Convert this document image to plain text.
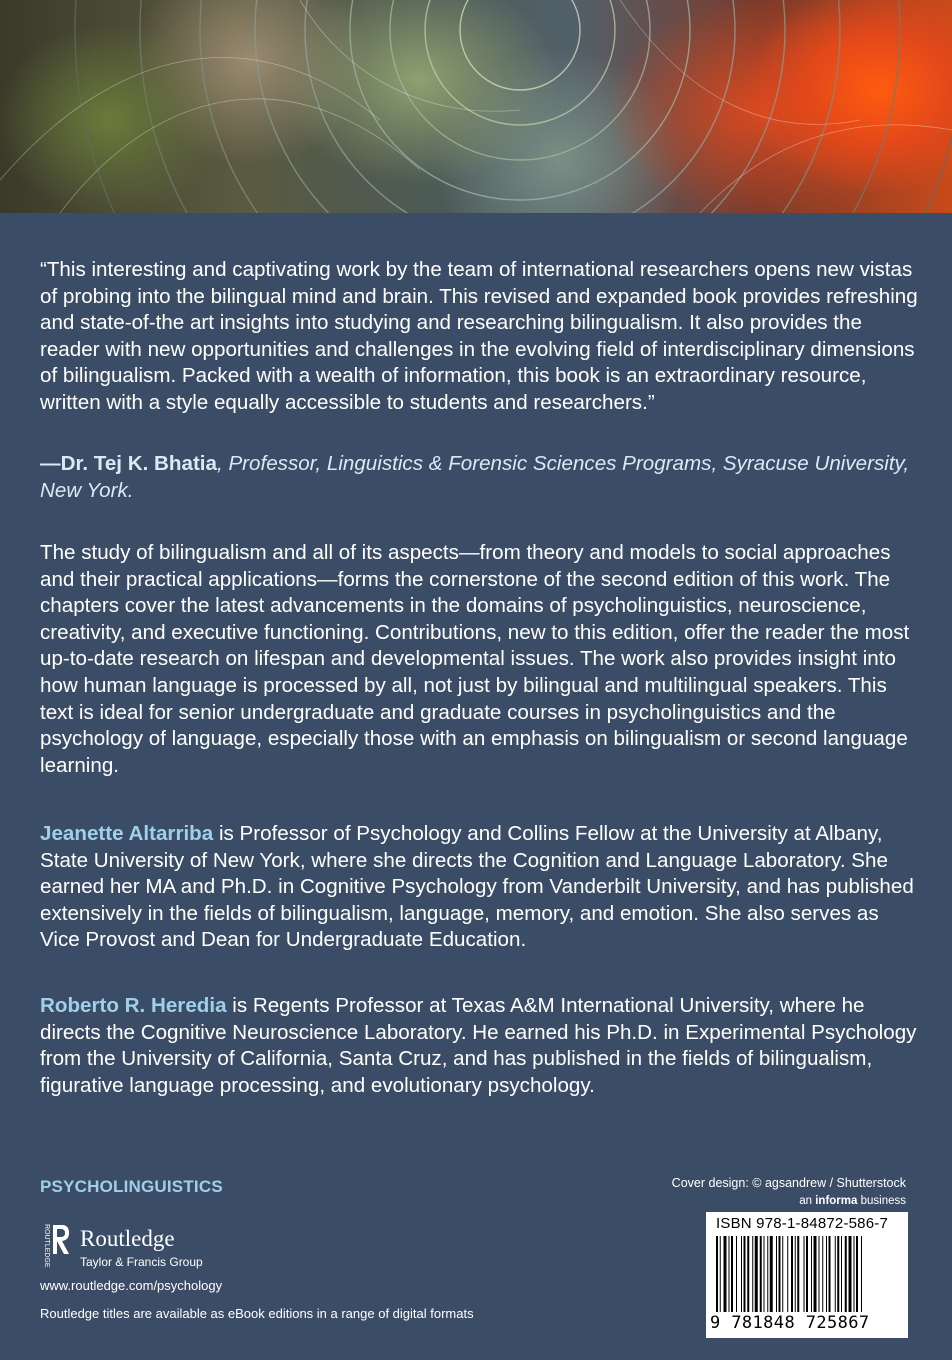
“This interesting and captivating work by the team of international researchers opens new vistas of probing into the bilingual mind and brain. This revised and expanded book provides refreshing and state-of-the art insights into studying and researching bilingualism. It also provides the reader with new opportunities and challenges in the evolving field of interdisciplinary dimensions of bilingualism. Packed with a wealth of information, this book is an extraordinary resource, written with a style equally accessible to students and researchers.”
—Dr. Tej K. Bhatia, Professor, Linguistics & Forensic Sciences Programs, Syracuse University, New York.
The study of bilingualism and all of its aspects—from theory and models to social approaches and their practical applications—forms the cornerstone of the second edition of this work. The chapters cover the latest advancements in the domains of psycholinguistics, neuroscience, creativity, and executive functioning. Contributions, new to this edition, offer the reader the most up-to-date research on lifespan and developmental issues. The work also provides insight into how human language is processed by all, not just by bilingual and multilingual speakers. This text is ideal for senior undergraduate and graduate courses in psycholinguistics and the psychology of language, especially those with an emphasis on bilingualism or second language learning.
Jeanette Altarriba is Professor of Psychology and Collins Fellow at the University at Albany, State University of New York, where she directs the Cognition and Language Laboratory. She earned her MA and Ph.D. in Cognitive Psychology from Vanderbilt University, and has published extensively in the fields of bilingualism, language, memory, and emotion. She also serves as Vice Provost and Dean for Undergraduate Education.
Roberto R. Heredia is Regents Professor at Texas A&M International University, where he directs the Cognitive Neuroscience Laboratory. He earned his Ph.D. in Experimental Psychology from the University of California, Santa Cruz, and has published in the fields of bilingualism, figurative language processing, and evolutionary psychology.
PSYCHOLINGUISTICS
ROUTLEDGE Routledge
Taylor & Francis Group
www.routledge.com/psychology
Routledge titles are available as eBook editions in a range of digital formats
Cover design: © agsandrew / Shutterstock
an informa business
ISBN 978-1-84872-586-7
9 781848 725867
